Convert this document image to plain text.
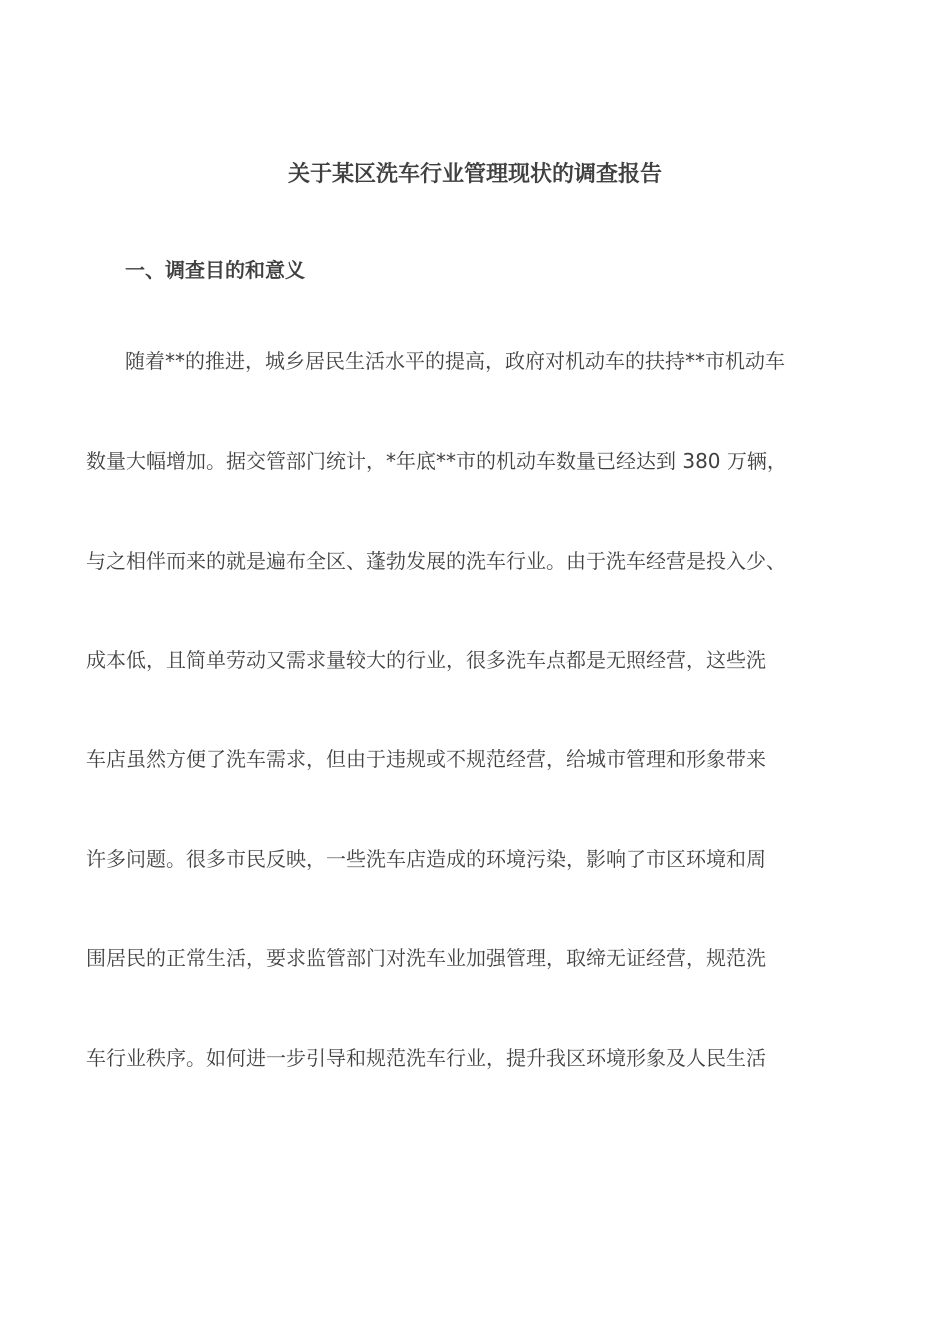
关于某区洗车行业管理现状的调查报告
一、调查目的和意义
随着**的推进，城乡居民生活水平的提高，政府对机动车的扶持**市机动车
数量大幅增加。据交管部门统计，*年底**市的机动车数量已经达到 380 万辆，
与之相伴而来的就是遍布全区、蓬勃发展的洗车行业。由于洗车经营是投入少、
成本低，且简单劳动又需求量较大的行业，很多洗车点都是无照经营，这些洗
车店虽然方便了洗车需求，但由于违规或不规范经营，给城市管理和形象带来
许多问题。很多市民反映，一些洗车店造成的环境污染，影响了市区环境和周
围居民的正常生活，要求监管部门对洗车业加强管理，取缔无证经营，规范洗
车行业秩序。如何进一步引导和规范洗车行业，提升我区环境形象及人民生活
